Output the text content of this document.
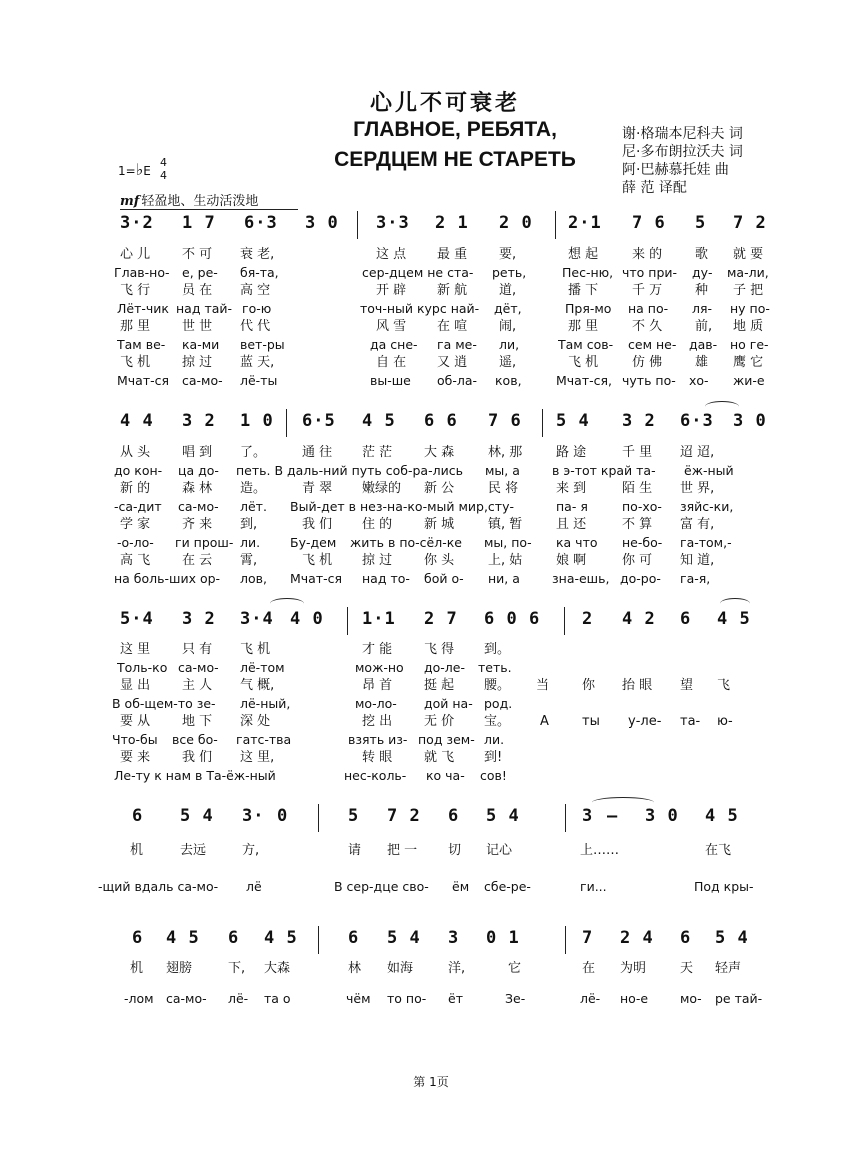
心儿不可衰老
ГЛАВНОЕ, РЕБЯТА,
СЕРДЦЕМ НЕ СТАРЕТЬ
谢·格瑞本尼科夫 词
尼·多布朗拉沃夫 词
阿·巴赫慕托娃 曲
薛 范 译配
1=♭E
4
4
mf 轻盈地、生动活泼地
3·2 1 7 6·3 3 0 3·3 2 1 2 0 2·1 7 6 5 7 2
心 儿 不 可 衰 老,	这 点 最 重 要,	想 起	来 的	歌 就 要
Глав-но- е, ре- бя-та,	сер-дцем не ста- реть,	Пес-ню, что при- ду- ма-ли,
飞 行 员 在 高 空	开 辟 新 航 道,	播 下	千 万	种 子 把
Лёт-чик над тай- го-ю	точ-ный курс най- дёт,	Пря-мо на по- ля- ну по-
那 里 世 世 代 代	风 雪 在 喧 闹,	那 里	不 久	前, 地 质
Там ве- ка-ми вет-ры	да сне- га ме- ли,	Там сов- сем не- дав- но ге-
飞 机 掠 过 蓝 天,	自 在 又 逍 遥,	飞 机	仿 佛	雄 鹰 它
Мчат-ся са-мо- лё-ты	вы-ше об-ла- ков,	Мчат-ся, чуть по- хо- жи-е
4 4 3 2 1 0 6·5 4 5 6 6 7 6 5 4 3 2 6·3 3 0
从 头 唱 到 了。	通 往 茫 茫 大 森	林, 那	路 途	千 里 迢 迢,
до кон- ца до- петь. В даль-ний путь соб-ра-лись мы, а	в э-тот край та- ёж-ный
新 的 森 林 造。	青 翠 嫩绿的 新 公	民 将	来 到	陌 生 世 界,
-са-дит са-мо- лёт. Вый-дет в нез-на-ко-мый мир,сту-	па- я	по-хо- зяйс-ки,
学 家 齐 来 到,	我 们 住 的 新 城	镇, 暂	且 还	不 算 富 有,
-о-ло- ги прош- ли. Бу-дем жить в по-сёл-ке мы, по- ка что не-бо- га-том,-
高 飞 在 云 霄,	飞 机 掠 过 你 头	上, 姑	娘 啊	你 可 知 道,
на боль-ших ор- лов, Мчат-ся над то- бой о- ни, а	зна-ешь, до-ро- га-я,
5·4 3 2 3·4 4 0 1·1 2 7 6 0 6 2 4 2 6 4 5
这 里 只 有 飞 机	才 能 飞 得 到。
Толь-ко са-мо- лё-том	мож-но до-ле- теть.
显 出 主 人 气 概,	昂 首 挺 起 腰。 当	你 抬 眼 望 飞
В об-щем-то зе- лё-ный,	мо-ло- дой на- род.
要 从 地 下 深 处	挖 出 无 价 宝。 А	ты у-ле- та- ю-
Что-бы все бо- гатс-тва	взять из- под зем- ли.
要 来 我 们 这 里,	转 眼 就 飞 到!
Ле-ту к нам в Та-ёж-ный	нес-коль- ко ча- сов!
6 5 4 3· 0	5 7 2 6 5 4	3 — 3 0 4 5
机	去远	方,	请 把 一 切 记心	上……	在飞
-щий вдаль са-мо- лё	В сер-дце сво- ём сбе-ре-	ги...	Под кры-
6 4 5 6 4 5	6 5 4 3 0 1	7 2 4 6 5 4
机 翅膀	下, 大森	林 如海	洋,	它	在 为明	天 轻声
-лом са-мо- лё- та о	чём то по- ёт	Зе-	лё- но-е	мо- ре тай-
第 1页
